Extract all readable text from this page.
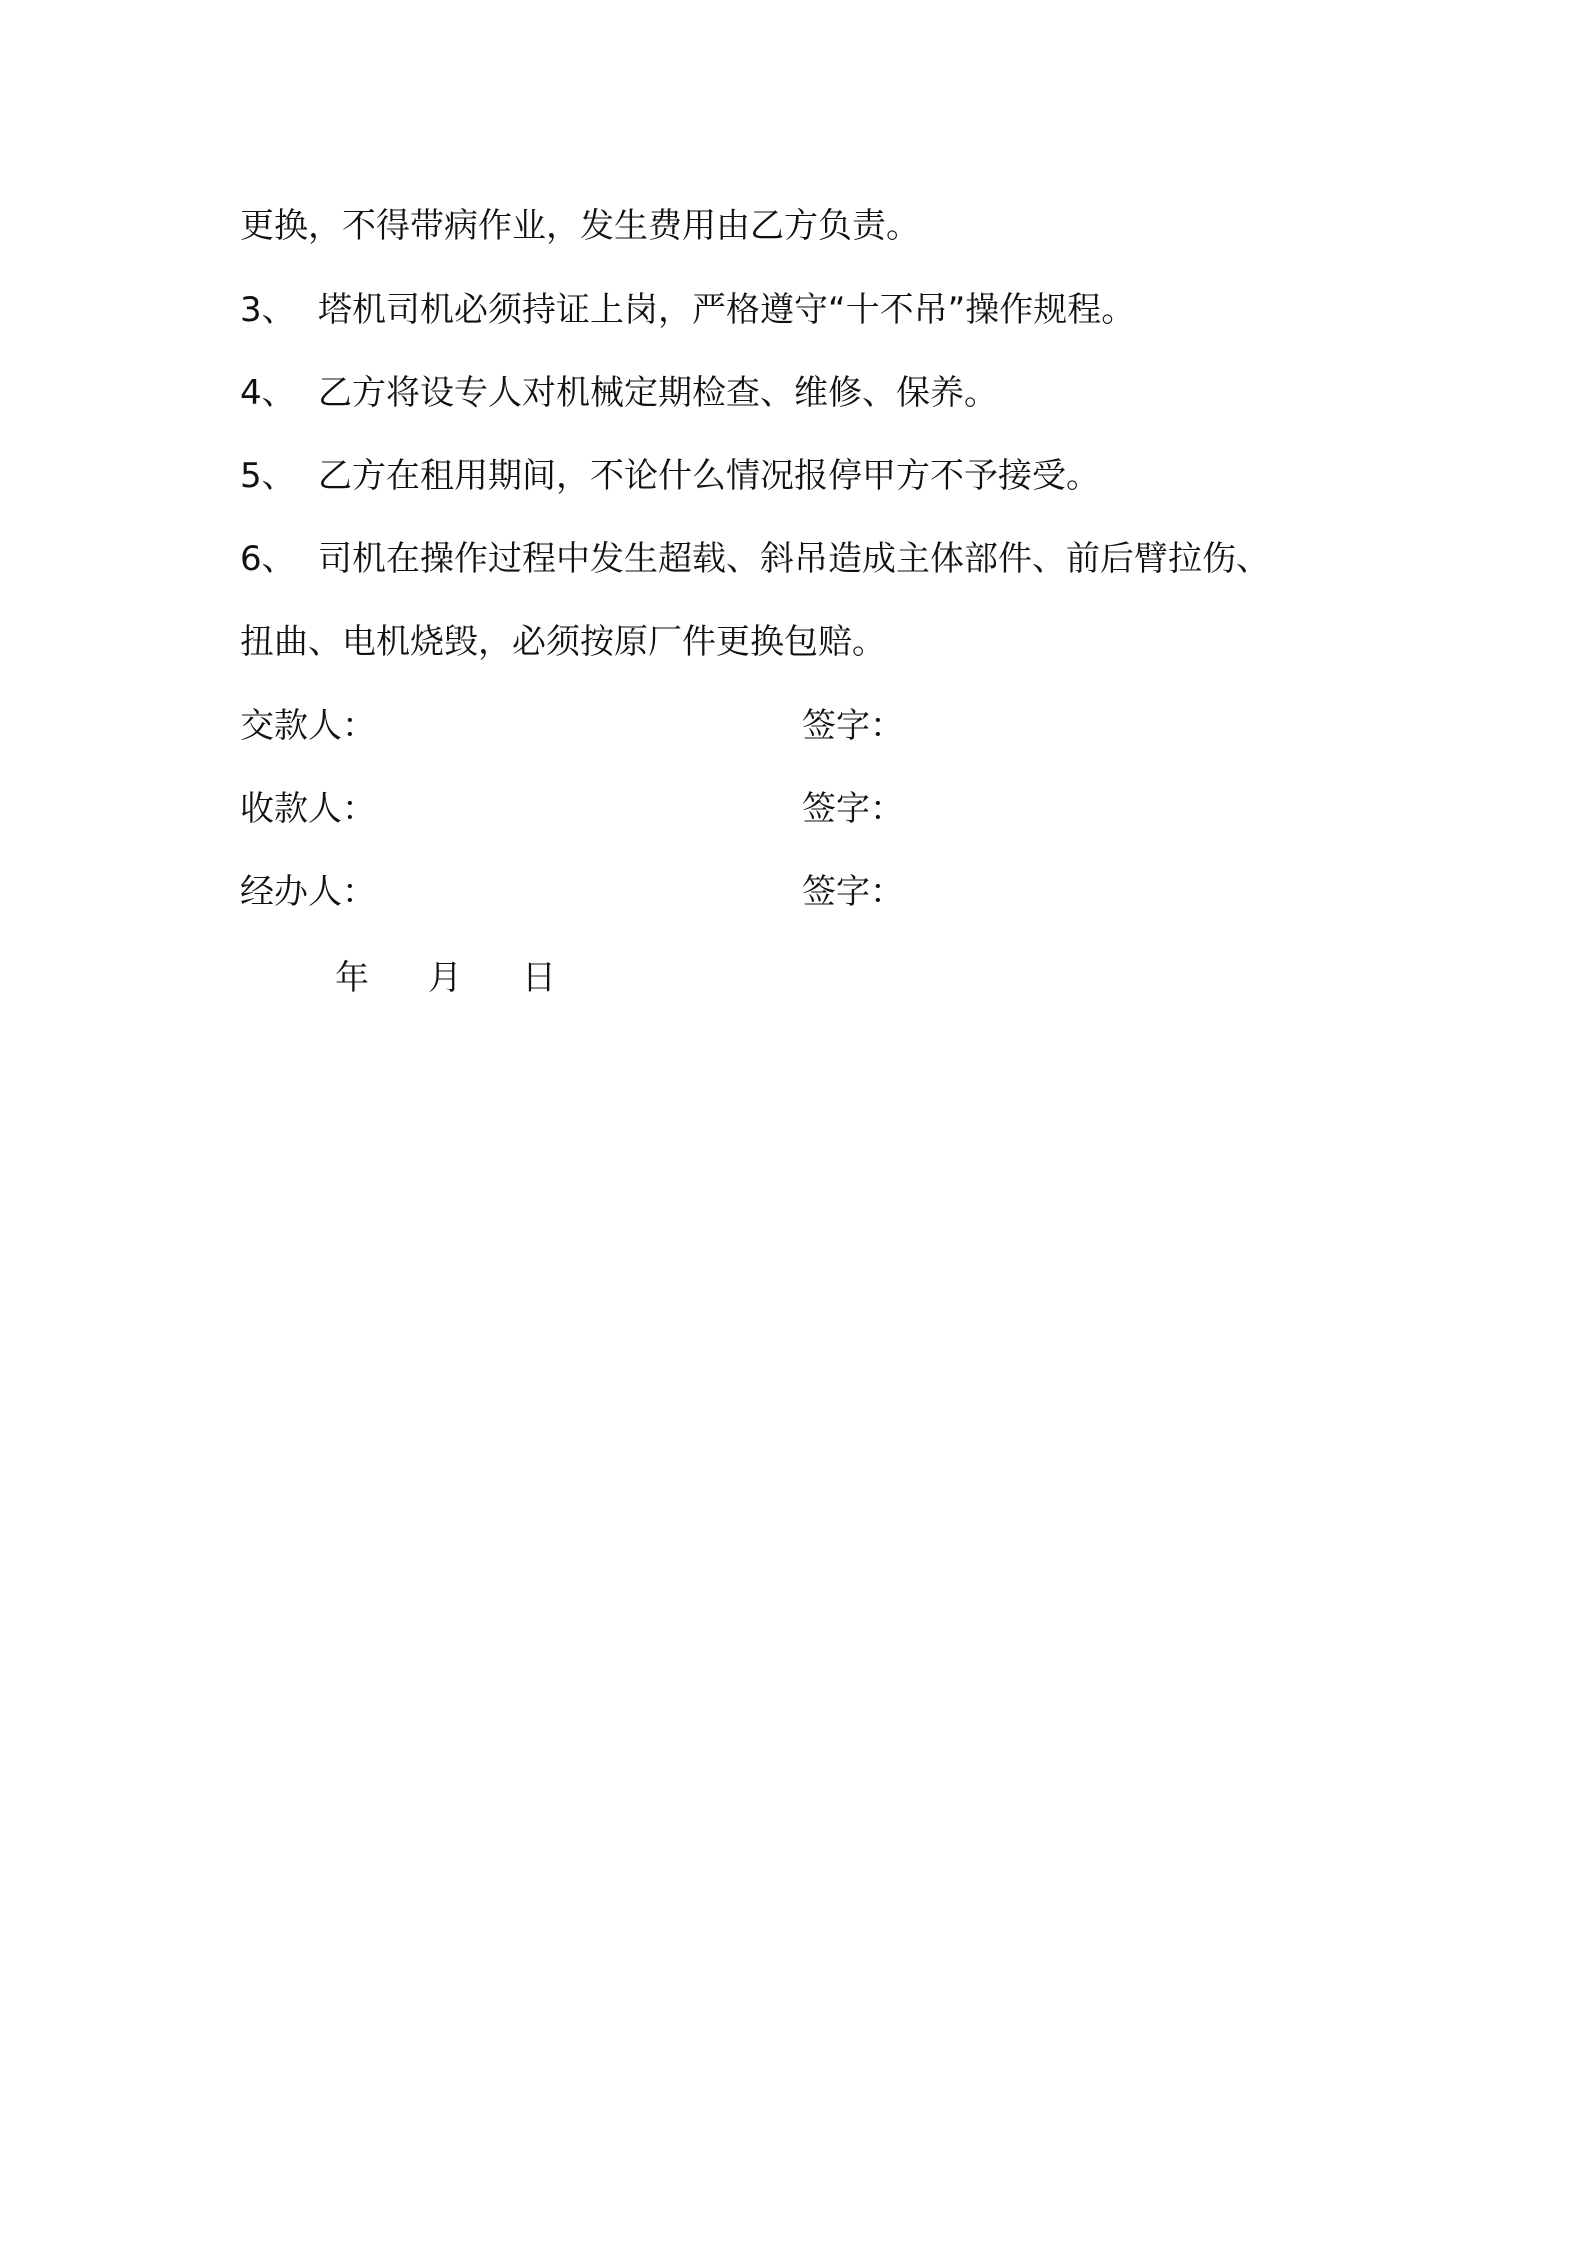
更换，不得带病作业，发生费用由乙方负责。
3、 塔机司机必须持证上岗，严格遵守“十不吊”操作规程。
4、 乙方将设专人对机械定期检查、维修、保养。
5、 乙方在租用期间，不论什么情况报停甲方不予接受。
6、 司机在操作过程中发生超载、斜吊造成主体部件、前后臂拉伤、
扭曲、电机烧毁，必须按原厂件更换包赔。
交款人：	签字：
收款人：	签字：
经办人：	签字：
年 月 日
